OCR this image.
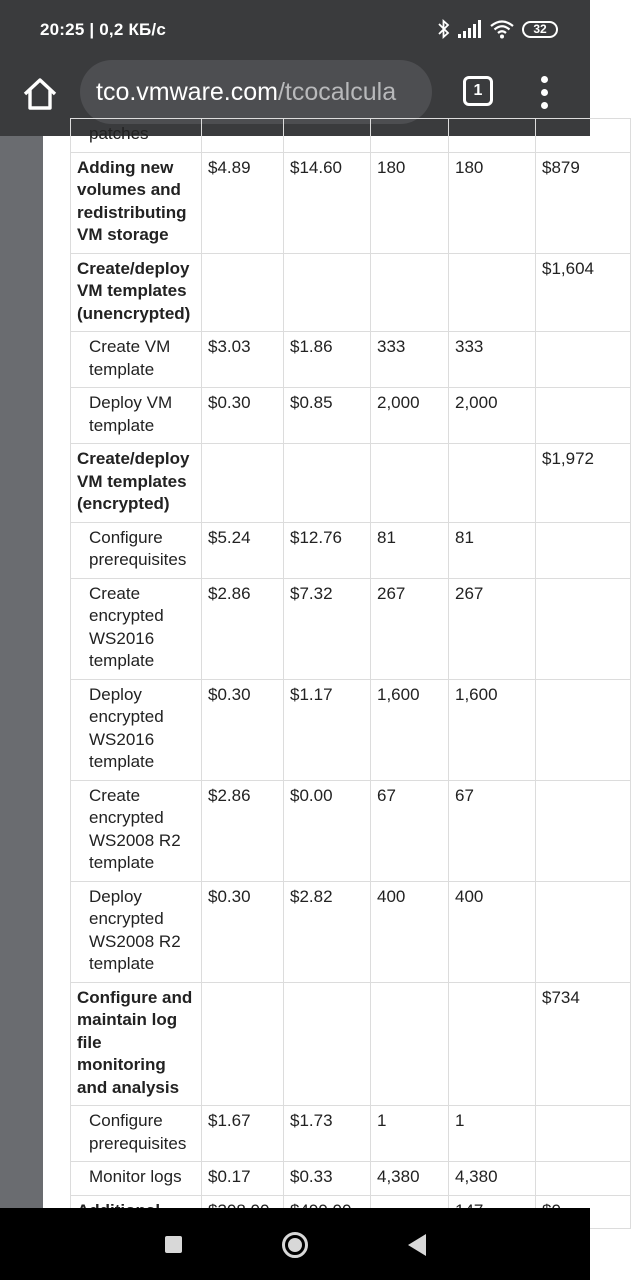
20:25 | 0,2 КБ/с	32
tco.vmware.com/tcocalcula	1
patches					
Adding new volumes and redistributing VM storage	$4.89	$14.60	180	180	$879
Create/deploy VM templates (unencrypted)					$1,604
Create VM template	$3.03	$1.86	333	333	
Deploy VM template	$0.30	$0.85	2,000	2,000	
Create/deploy VM templates (encrypted)					$1,972
Configure prerequisites	$5.24	$12.76	81	81	
Create encrypted WS2016 template	$2.86	$7.32	267	267	
Deploy encrypted WS2016 template	$0.30	$1.17	1,600	1,600	
Create encrypted WS2008 R2 template	$2.86	$0.00	67	67	
Deploy encrypted WS2008 R2 template	$0.30	$2.82	400	400	
Configure and maintain log file monitoring and analysis					$734
Configure prerequisites	$1.67	$1.73	1	1	
Monitor logs	$0.17	$0.33	4,380	4,380	
